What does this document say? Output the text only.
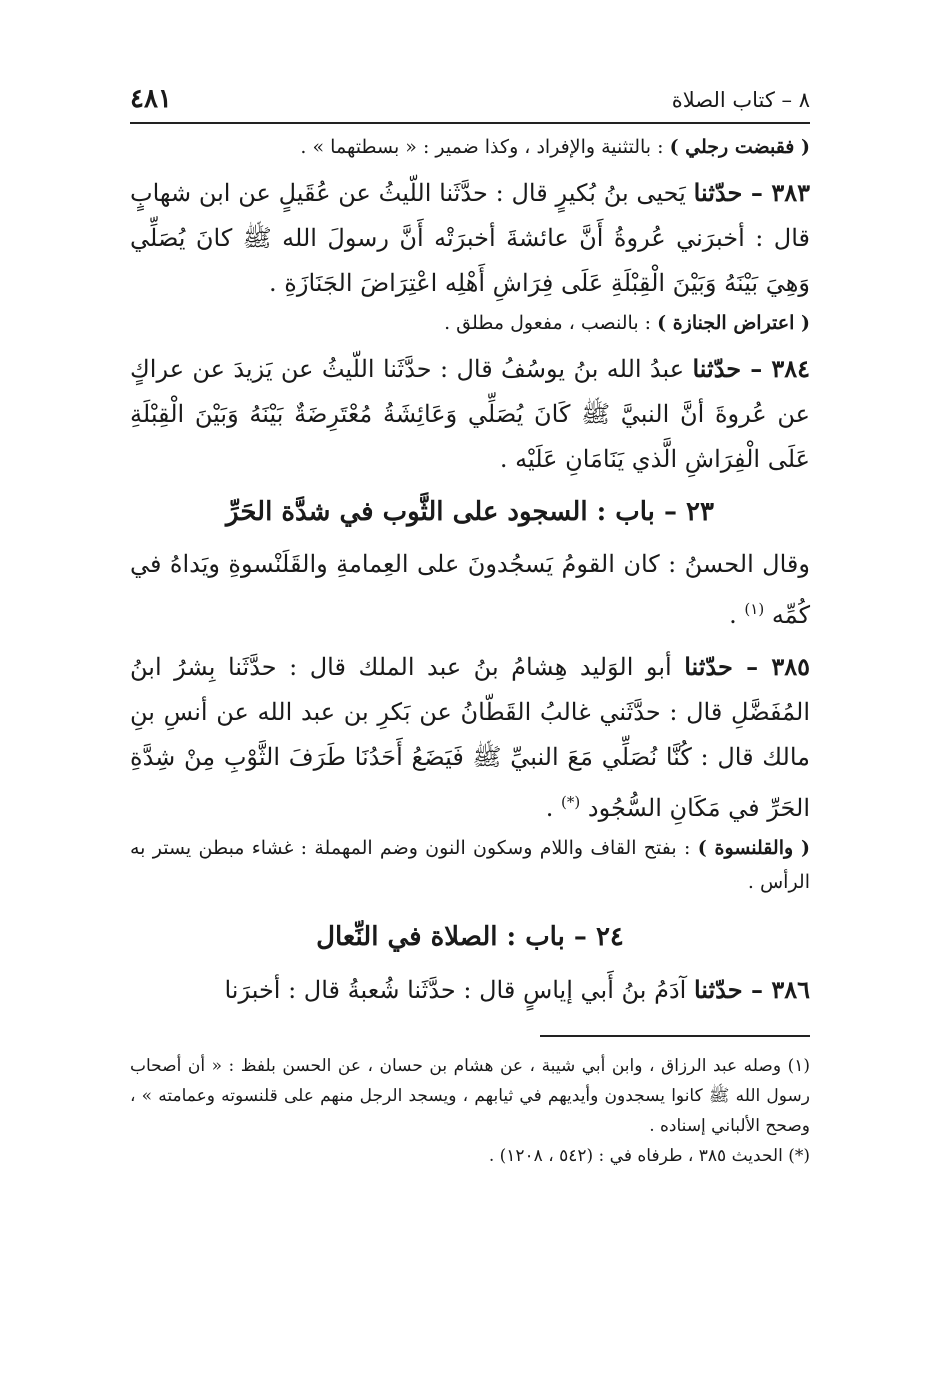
٨ – كتاب الصلاة
٤٨١

( فقبضت رجلي ) : بالتثنية والإفراد ، وكذا ضمير : « بسطتهما » .

٣٨٣ – حدّثنا يَحيى بنُ بُكيرٍ قال : حدَّثَنا اللّيثُ عن عُقَيلٍ عن ابن شهابٍ قال : أخبرَني عُروةُ أَنَّ عائشةَ أخبرَتْه أَنَّ رسولَ الله ﷺ كانَ يُصَلِّي وَهِيَ بَيْنَهُ وَبَيْنَ الْقِبْلَةِ عَلَى فِرَاشِ أَهْلِه اعْتِرَاضَ الجَنَازَةِ .

( اعتراض الجنازة ) : بالنصب ، مفعول مطلق .

٣٨٤ – حدّثنا عبدُ الله بنُ يوسُفُ قال : حدَّثَنا اللّيثُ عن يَزيدَ عن عراكٍ عن عُروةَ أنَّ النبيَّ ﷺ كَانَ يُصَلِّي وَعَائِشَةُ مُعْتَرِضَةٌ بَيْنَهُ وَبَيْنَ الْقِبْلَةِ عَلَى الْفِرَاشِ الَّذي يَنَامَانِ عَلَيْه .

٢٣ – باب : السجود على الثَّوب في شدَّة الحَرِّ

وقال الحسنُ : كان القومُ يَسجُدونَ على العِمامةِ والقَلَنْسوةِ ويَداهُ في كُمِّه $^{(١)}$ .

٣٨٥ – حدّثنا أبو الوَليد هِشامُ بنُ عبد الملك قال : حدَّثَنا بِشرُ ابنُ المُفَضَّلِ قال : حدَّثَني غالبُ القَطّانُ عن بَكرِ بن عبد الله عن أنسِ بنِ مالك قال : كُنَّا نُصَلِّي مَعَ النبيِّ ﷺ فَيَضَعُ أَحَدُنَا طَرَفَ الثَّوْبِ مِنْ شِدَّةِ الحَرِّ في مَكَانِ السُّجُود (*) .

( والقلنسوة ) : بفتح القاف واللام وسكون النون وضم المهملة : غشاء مبطن يستر به الرأس .

٢٤ – باب : الصلاة في النِّعال

٣٨٦ – حدّثنا آدَمُ بنُ أَبي إياسٍ قال : حدَّثَنا شُعبةُ قال : أخبرَنا

(١) وصله عبد الرزاق ، وابن أبي شيبة ، عن هشام بن حسان ، عن الحسن بلفظ : « أن أصحاب رسول الله ﷺ كانوا يسجدون وأيديهم في ثيابهم ، ويسجد الرجل منهم على قلنسوته وعمامته » ، وصحح الألباني إسناده .

(*) الحديث ٣٨٥ ، طرفاه في : (٥٤٢ ، ١٢٠٨) .
